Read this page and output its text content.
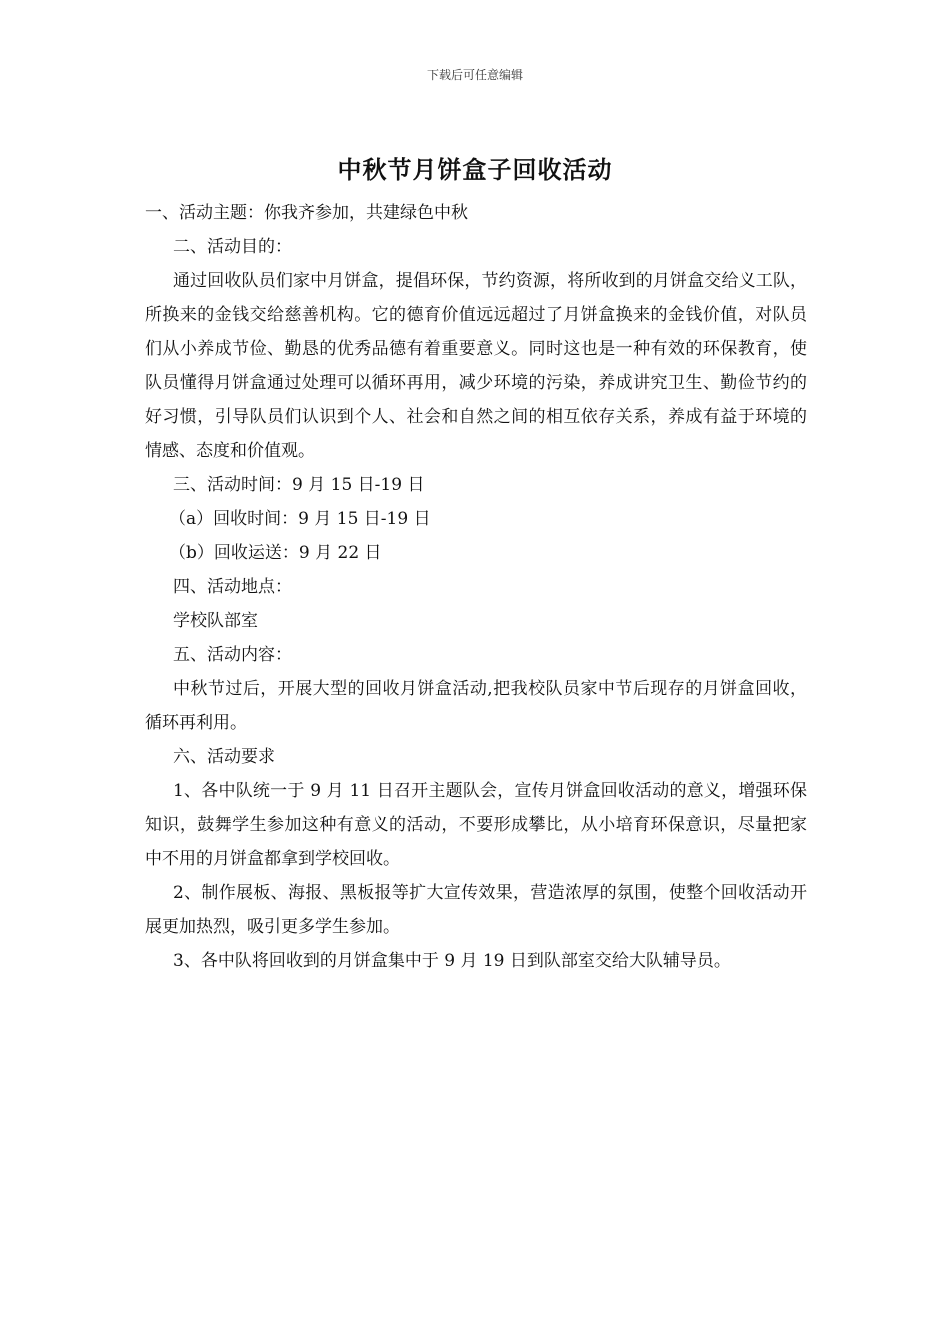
下载后可任意编辑
中秋节月饼盒子回收活动

一、活动主题：你我齐参加，共建绿色中秋

二、活动目的：

通过回收队员们家中月饼盒，提倡环保，节约资源，将所收到的月饼盒交给义工队，所换来的金钱交给慈善机构。它的德育价值远远超过了月饼盒换来的金钱价值，对队员们从小养成节俭、勤恳的优秀品德有着重要意义。同时这也是一种有效的环保教育，使队员懂得月饼盒通过处理可以循环再用，减少环境的污染，养成讲究卫生、勤俭节约的好习惯，引导队员们认识到个人、社会和自然之间的相互依存关系，养成有益于环境的情感、态度和价值观。

三、活动时间：9 月 15 日-19 日

（a）回收时间：9 月 15 日-19 日

（b）回收运送：9 月 22 日

四、活动地点：

学校队部室

五、活动内容：

中秋节过后，开展大型的回收月饼盒活动,把我校队员家中节后现存的月饼盒回收，循环再利用。

六、活动要求

1、各中队统一于 9 月 11 日召开主题队会，宣传月饼盒回收活动的意义，增强环保知识，鼓舞学生参加这种有意义的活动，不要形成攀比，从小培育环保意识，尽量把家中不用的月饼盒都拿到学校回收。

2、制作展板、海报、黑板报等扩大宣传效果，营造浓厚的氛围，使整个回收活动开展更加热烈，吸引更多学生参加。

3、各中队将回收到的月饼盒集中于 9 月 19 日到队部室交给大队辅导员。
